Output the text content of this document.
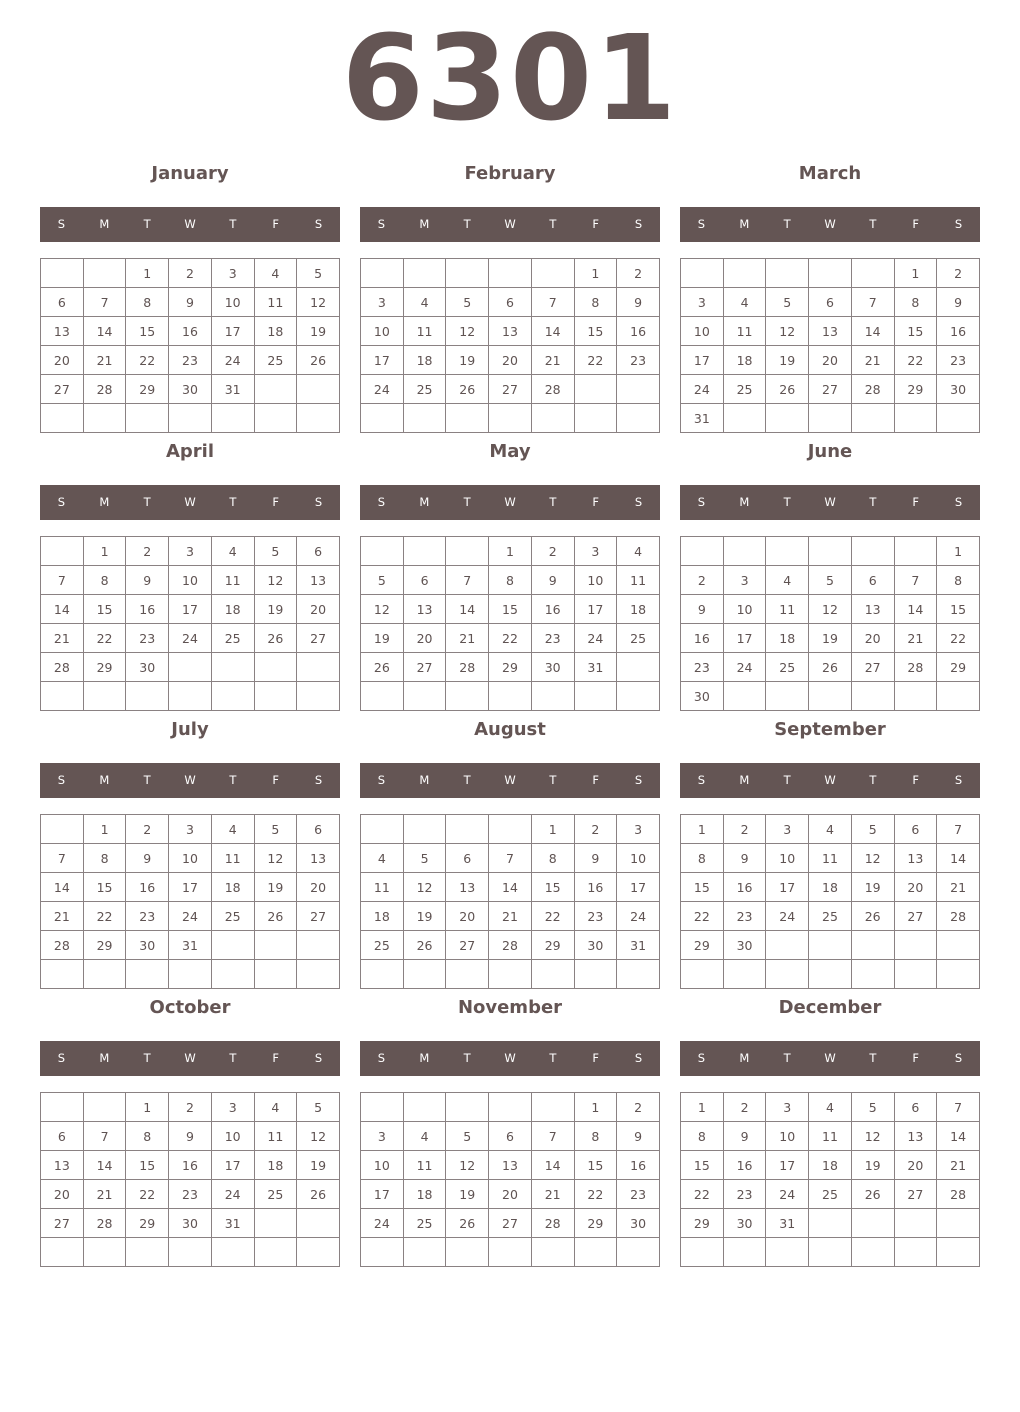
6301
January
S	M	T	W	T	F	S
		1	2	3	4	5
6	7	8	9	10	11	12
13	14	15	16	17	18	19
20	21	22	23	24	25	26
27	28	29	30	31		

February
S	M	T	W	T	F	S
					1	2
3	4	5	6	7	8	9
10	11	12	13	14	15	16
17	18	19	20	21	22	23
24	25	26	27	28		

March
S	M	T	W	T	F	S
					1	2
3	4	5	6	7	8	9
10	11	12	13	14	15	16
17	18	19	20	21	22	23
24	25	26	27	28	29	30
31						
April
S	M	T	W	T	F	S
	1	2	3	4	5	6
7	8	9	10	11	12	13
14	15	16	17	18	19	20
21	22	23	24	25	26	27
28	29	30				

May
S	M	T	W	T	F	S
			1	2	3	4
5	6	7	8	9	10	11
12	13	14	15	16	17	18
19	20	21	22	23	24	25
26	27	28	29	30	31	

June
S	M	T	W	T	F	S
						1
2	3	4	5	6	7	8
9	10	11	12	13	14	15
16	17	18	19	20	21	22
23	24	25	26	27	28	29
30						
July
S	M	T	W	T	F	S
	1	2	3	4	5	6
7	8	9	10	11	12	13
14	15	16	17	18	19	20
21	22	23	24	25	26	27
28	29	30	31			

August
S	M	T	W	T	F	S
				1	2	3
4	5	6	7	8	9	10
11	12	13	14	15	16	17
18	19	20	21	22	23	24
25	26	27	28	29	30	31

September
S	M	T	W	T	F	S
1	2	3	4	5	6	7
8	9	10	11	12	13	14
15	16	17	18	19	20	21
22	23	24	25	26	27	28
29	30					

October
S	M	T	W	T	F	S
		1	2	3	4	5
6	7	8	9	10	11	12
13	14	15	16	17	18	19
20	21	22	23	24	25	26
27	28	29	30	31		

November
S	M	T	W	T	F	S
					1	2
3	4	5	6	7	8	9
10	11	12	13	14	15	16
17	18	19	20	21	22	23
24	25	26	27	28	29	30

December
S	M	T	W	T	F	S
1	2	3	4	5	6	7
8	9	10	11	12	13	14
15	16	17	18	19	20	21
22	23	24	25	26	27	28
29	30	31				
